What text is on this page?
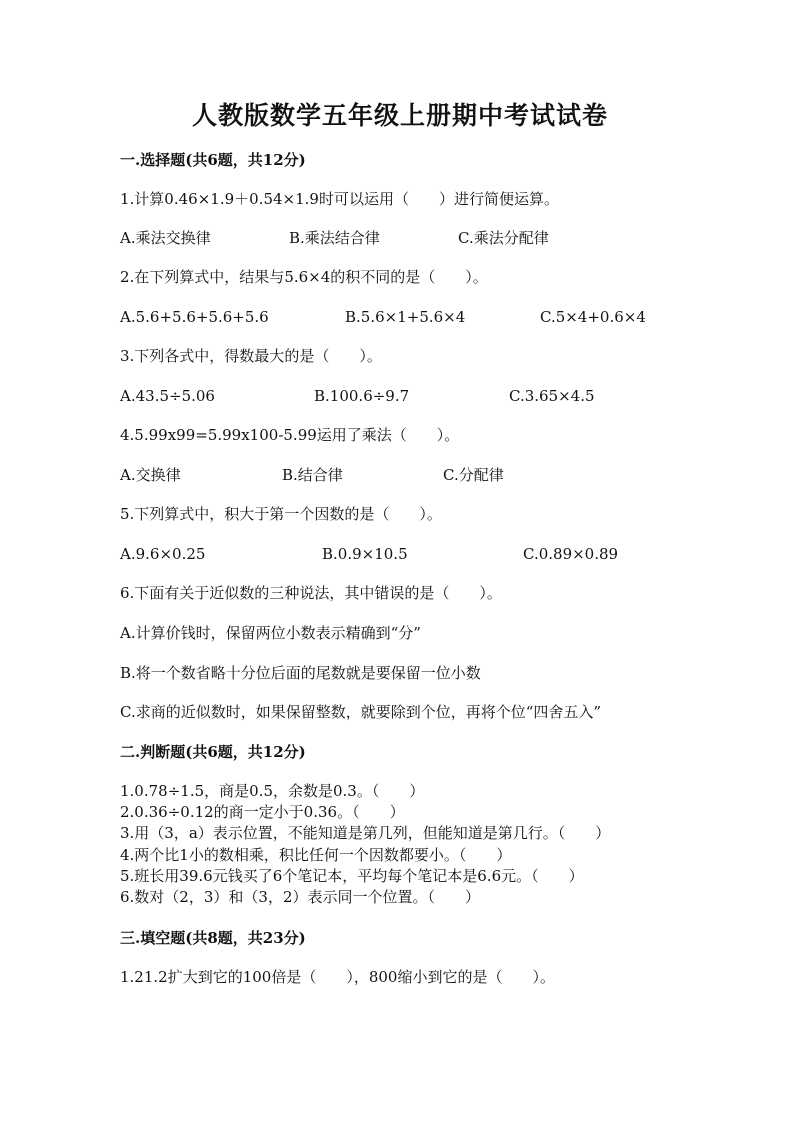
人教版数学五年级上册期中考试试卷
一.选择题(共6题，共12分)
1.计算0.46×1.9＋0.54×1.9时可以运用（　　）进行简便运算。
A.乘法交换律	B.乘法结合律	C.乘法分配律
2.在下列算式中，结果与5.6×4的积不同的是（　　）。
A.5.6+5.6+5.6+5.6	B.5.6×1+5.6×4	C.5×4+0.6×4
3.下列各式中，得数最大的是（　　）。
A.43.5÷5.06	B.100.6÷9.7	C.3.65×4.5
4.5.99x99=5.99x100-5.99运用了乘法（　　）。
A.交换律	B.结合律	C.分配律
5.下列算式中，积大于第一个因数的是（　　）。
A.9.6×0.25	B.0.9×10.5	C.0.89×0.89
6.下面有关于近似数的三种说法，其中错误的是（　　）。
A.计算价钱时，保留两位小数表示精确到“分”
B.将一个数省略十分位后面的尾数就是要保留一位小数
C.求商的近似数时，如果保留整数，就要除到个位，再将个位“四舍五入”
二.判断题(共6题，共12分)
1.0.78÷1.5，商是0.5，余数是0.3。（　　）
2.0.36÷0.12的商一定小于0.36。（　　）
3.用（3，a）表示位置，不能知道是第几列，但能知道是第几行。（　　）
4.两个比1小的数相乘，积比任何一个因数都要小。（　　）
5.班长用39.6元钱买了6个笔记本，平均每个笔记本是6.6元。（　　）
6.数对（2，3）和（3，2）表示同一个位置。（　　）
三.填空题(共8题，共23分)
1.21.2扩大到它的100倍是（　　），800缩小到它的是（　　）。
